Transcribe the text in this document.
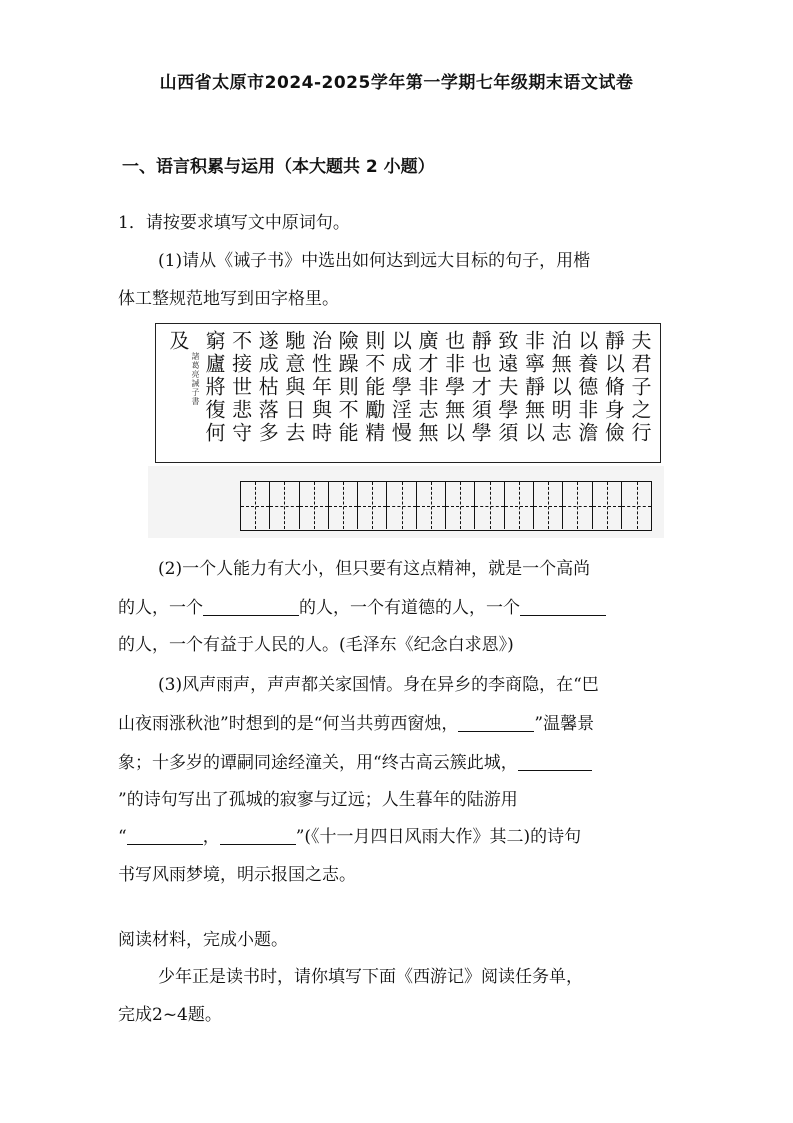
山西省太原市2024-2025学年第一学期七年级期末语文试卷
一、语言积累与运用（本大题共 2 小题）
1．请按要求填写文中原词句。
(1)请从《诫子书》中选出如何达到远大目标的句子，用楷
体工整规范地写到田字格里。
夫君子之行
靜以脩身儉
以養德非澹
泊無以明志
非寧靜無以
致遠夫學須
靜也才須學
也非學無以
廣才非志無
以成學淫慢
則不能勵精
險躁則不能
治性年與時
馳意與日去
遂成枯落多
不接世悲守
窮廬將復何
及
諸葛亮誡子書
(2)一个人能力有大小，但只要有这点精神，就是一个高尚
的人，一个	的人，一个有道德的人，一个
的人，一个有益于人民的人。(毛泽东《纪念白求恩》)
(3)风声雨声，声声都关家国情。身在异乡的李商隐，在“巴
山夜雨涨秋池”时想到的是“何当共剪西窗烛，	”温馨景
象；十多岁的谭嗣同途经潼关，用“终古高云簇此城，
”的诗句写出了孤城的寂寥与辽远；人生暮年的陆游用
“	，	”(《十一月四日风雨大作》其二)的诗句
书写风雨梦境，明示报国之志。
阅读材料，完成小题。
少年正是读书时，请你填写下面《西游记》阅读任务单，
完成2~4题。
